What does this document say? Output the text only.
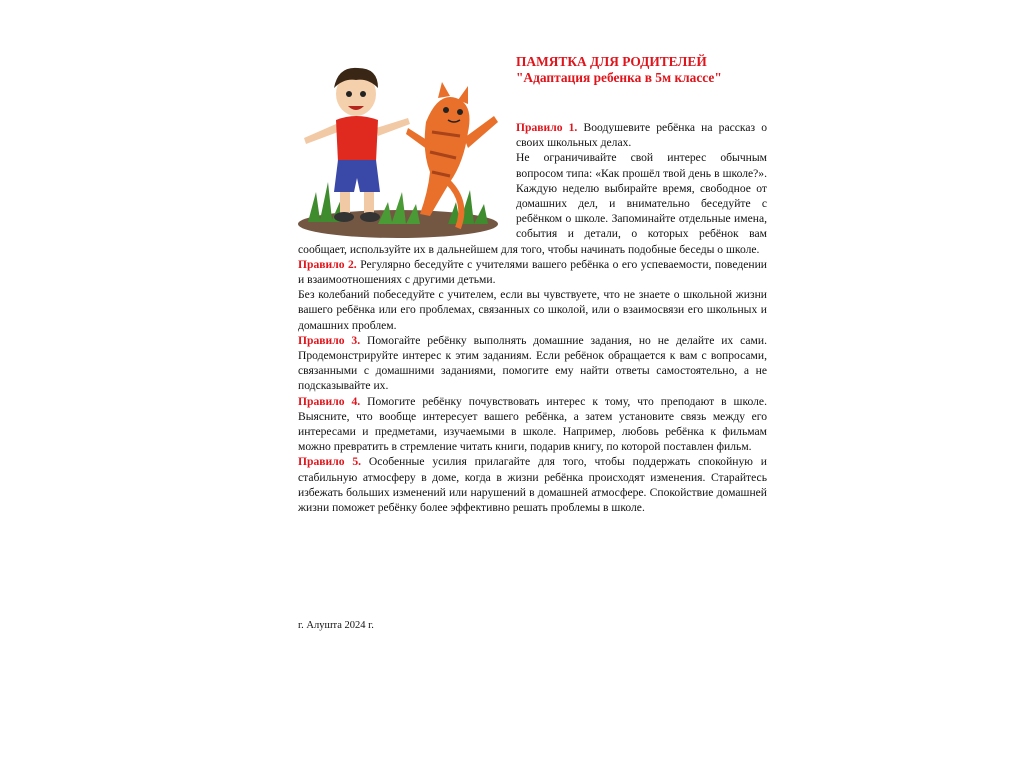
ПАМЯТКА ДЛЯ РОДИТЕЛЕЙ
"Адаптация ребенка в 5м классе"

Правило 1. Воодушевите ребёнка на рассказ о своих школьных делах.

Не ограничивайте свой интерес обычным вопросом типа: «Как прошёл твой день в школе?». Каждую неделю выбирайте время, свободное от домашних дел, и внимательно беседуйте с ребёнком о школе. Запоминайте отдельные имена, события и детали, о которых ребёнок вам сообщает, используйте их в дальнейшем для того, чтобы начинать подобные беседы о школе.

Правило 2. Регулярно беседуйте с учителями вашего ребёнка о его успеваемости, поведении и взаимоотношениях с другими детьми.

Без колебаний побеседуйте с учителем, если вы чувствуете, что не знаете о школьной жизни вашего ребёнка или его проблемах, связанных со школой, или о взаимосвязи его школьных и домашних проблем.

Правило 3. Помогайте ребёнку выполнять домашние задания, но не делайте их сами. Продемонстрируйте интерес к этим заданиям. Если ребёнок обращается к вам с вопросами, связанными с домашними заданиями, помогите ему найти ответы самостоятельно, а не подсказывайте их.

Правило 4. Помогите ребёнку почувствовать интерес к тому, что преподают в школе. Выясните, что вообще интересует вашего ребёнка, а затем установите связь между его интересами и предметами, изучаемыми в школе. Например, любовь ребёнка к фильмам можно превратить в стремление читать книги, подарив книгу, по которой поставлен фильм.

Правило 5. Особенные усилия прилагайте для того, чтобы поддержать спокойную и стабильную атмосферу в доме, когда в жизни ребёнка происходят изменения. Старайтесь избежать больших изменений или нарушений в домашней атмосфере. Спокойствие домашней жизни поможет ребёнку более эффективно решать проблемы в школе.

г. Алушта 2024 г.
